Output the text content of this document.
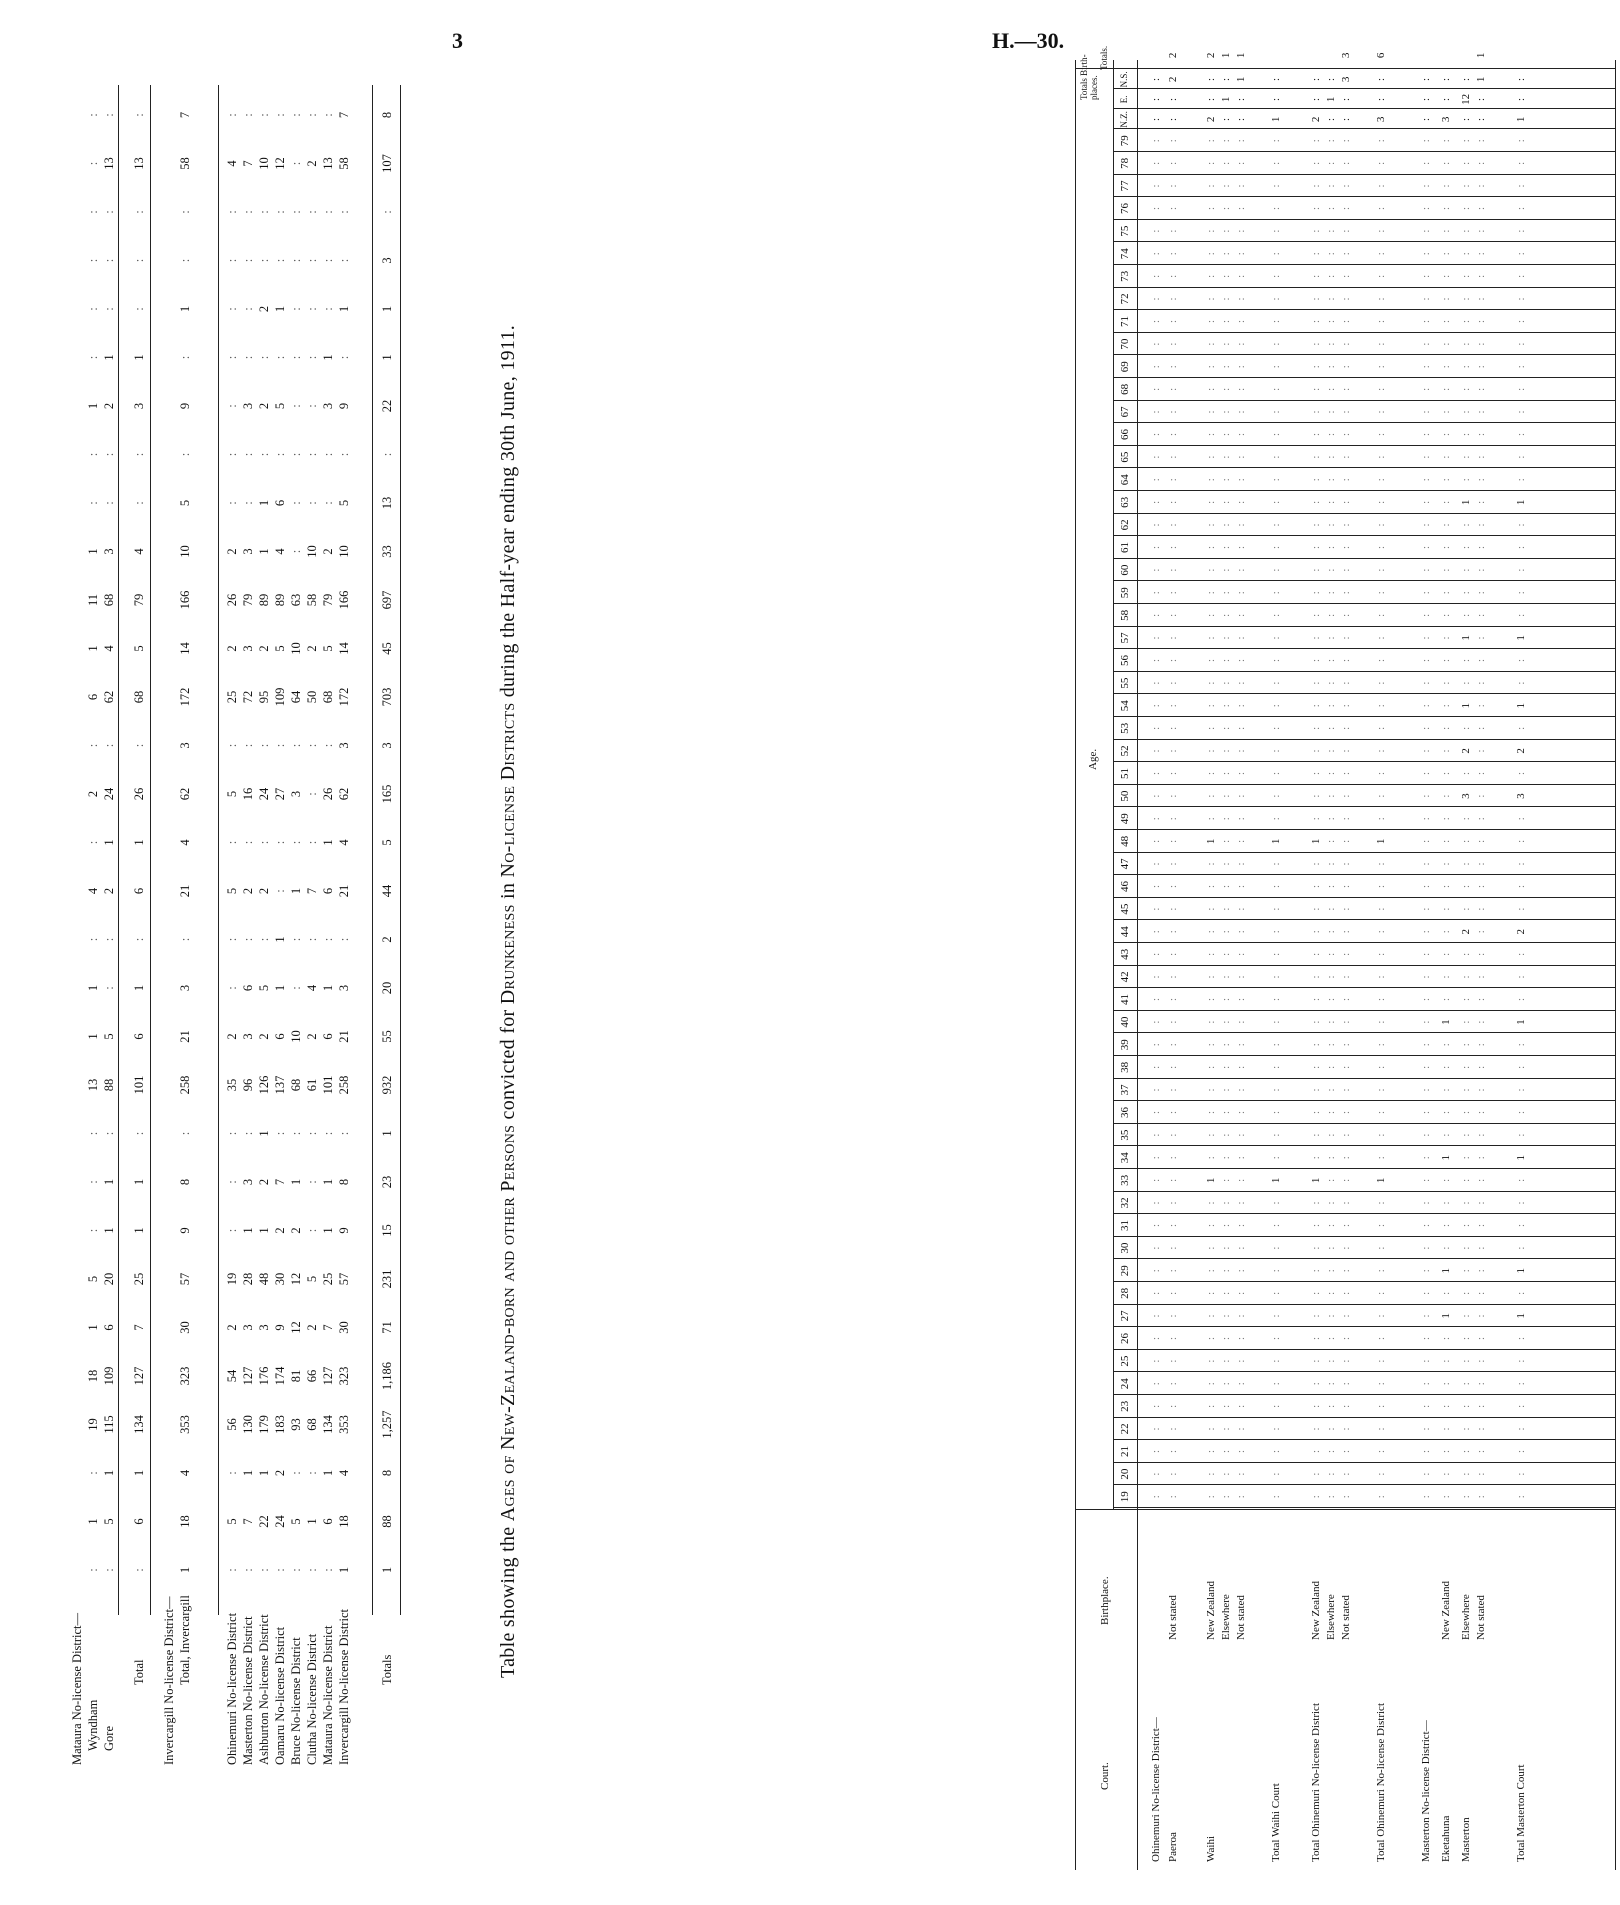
3	H.—30.
Mataura No-license District— Wyndham
:
1
:
19
18
1
5
:
:
:
13
1
1
:
4
:
2
:
6
1
11
1
:
:
1
:
:
:
:
:
:
Gore
:
5
1
115
109
6
20
1
1
:
88
5
:
:
2
1
24
:
62
4
68
3
:
:
2
1
:
:
:
13
:
Total
:
6
1
134
127
7
25
1
1
:
101
6
1
:
6
1
26
:
68
5
79
4
:
:
3
1
:
:
:
13
:
Invercargill No-license District— Total, Invercargill
1
18
4
353
323
30
57
9
8
:
258
21
3
:
21
4
62
3
172
14
166
10
5
:
9
:
1
:
:
58
7
Ohinemuri No-license District
:
5
:
56
54
2
19
:
:
:
35
2
:
:
5
:
5
:
25
2
26
2
:
:
:
:
:
:
:
4
:
Masterton No-license District
:
7
1
130
127
3
28
1
3
:
96
3
6
:
2
:
16
:
72
3
79
3
:
:
3
:
:
:
:
7
:
Ashburton No-license District
:
22
1
179
176
3
48
1
2
1
126
2
5
:
2
:
24
:
95
2
89
1
1
:
2
:
2
:
:
10
:
Oamaru No-license District
:
24
2
183
174
9
30
2
7
:
137
6
1
1
:
:
27
:
109
5
89
4
6
:
5
:
1
:
:
12
:
Bruce No-license District
:
5
:
93
81
12
12
2
1
:
68
10
:
:
1
:
3
:
64
10
63
:
:
:
:
:
:
:
:
:
:
Clutha No-license District
:
1
:
68
66
2
5
:
:
:
61
2
4
:
7
:
:
:
50
2
58
10
:
:
:
:
:
:
:
2
:
Mataura No-license District
:
6
1
134
127
7
25
1
1
:
101
6
1
:
6
1
26
:
68
5
79
2
:
:
3
1
:
:
:
13
:
Invercargill No-license District
1
18
4
353
323
30
57
9
8
:
258
21
3
:
21
4
62
3
172
14
166
10
5
:
9
:
1
:
:
58
7
Totals
1
88
8
1,257
1,186
71
231
15
23
1
932
55
20
2
44
5
165
3
703
45
697
33
13
:
22
1
1
3
:
107
8
Table showing the Ages of New-Zealand-born and other Persons convicted for Drunkeness in No-license Districts during the Half-year ending 30th June, 1911.
Court.
Birthplace.
Age.
Totals Birth-places.
Totals.
19
20
21
22
23
24
25
26
27
28
29
30
31
32
33
34
35
36
37
38
39
40
41
42
43
44
45
46
47
48
49
50
51
52
53
54
55
56
57
58
59
60
61
62
63
64
65
66
67
68
69
70
71
72
73
74
75
76
77
78
79
N.Z.
E.
N.S.
Ohinemuri No-license District—
:
:
:
:
:
:
:
:
:
:
:
:
:
:
:
:
:
:
:
:
:
:
:
:
:
:
:
:
:
:
:
:
:
:
:
:
:
:
:
:
:
:
:
:
:
:
:
:
:
:
:
:
:
:
:
:
:
:
:
:
:
:
:
:
Paeroa
Not stated
:
:
:
:
:
:
:
:
:
:
:
:
:
:
:
:
:
:
:
:
:
:
:
:
:
:
:
:
:
:
:
:
:
:
:
:
:
:
:
:
:
:
:
:
:
:
:
:
:
:
:
:
:
:
:
:
:
:
:
:
:
:
:
2
2
Waihi
New Zealand
:
:
:
:
:
:
:
:
:
:
:
:
:
:
1
:
:
:
:
:
:
:
:
:
:
:
:
:
:
1
:
:
:
:
:
:
:
:
:
:
:
:
:
:
:
:
:
:
:
:
:
:
:
:
:
:
:
:
:
:
:
2
:
:
2
Elsewhere
:
:
:
:
:
:
:
:
:
:
:
:
:
:
:
:
:
:
:
:
:
:
:
:
:
:
:
:
:
:
:
:
:
:
:
:
:
:
:
:
:
:
:
:
:
:
:
:
:
:
:
:
:
:
:
:
:
:
:
:
:
:
1
:
1
Not stated
:
:
:
:
:
:
:
:
:
:
:
:
:
:
:
:
:
:
:
:
:
:
:
:
:
:
:
:
:
:
:
:
:
:
:
:
:
:
:
:
:
:
:
:
:
:
:
:
:
:
:
:
:
:
:
:
:
:
:
:
:
:
:
1
1
Total Waihi Court
:
:
:
:
:
:
:
:
:
:
:
:
:
:
1
:
:
:
:
:
:
:
:
:
:
:
:
:
:
1
:
:
:
:
:
:
:
:
:
:
:
:
:
:
:
:
:
:
:
:
:
:
:
:
:
:
:
:
:
:
:
1
:
:
Total Ohinemuri No-license District
New Zealand
:
:
:
:
:
:
:
:
:
:
:
:
:
:
1
:
:
:
:
:
:
:
:
:
:
:
:
:
:
1
:
:
:
:
:
:
:
:
:
:
:
:
:
:
:
:
:
:
:
:
:
:
:
:
:
:
:
:
:
:
:
2
:
:
Elsewhere
:
:
:
:
:
:
:
:
:
:
:
:
:
:
:
:
:
:
:
:
:
:
:
:
:
:
:
:
:
:
:
:
:
:
:
:
:
:
:
:
:
:
:
:
:
:
:
:
:
:
:
:
:
:
:
:
:
:
:
:
:
:
1
:
Not stated
:
:
:
:
:
:
:
:
:
:
:
:
:
:
:
:
:
:
:
:
:
:
:
:
:
:
:
:
:
:
:
:
:
:
:
:
:
:
:
:
:
:
:
:
:
:
:
:
:
:
:
:
:
:
:
:
:
:
:
:
:
:
:
3
3
Total Ohinemuri No-license District
:
:
:
:
:
:
:
:
:
:
:
:
:
:
1
:
:
:
:
:
:
:
:
:
:
:
:
:
:
1
:
:
:
:
:
:
:
:
:
:
:
:
:
:
:
:
:
:
:
:
:
:
:
:
:
:
:
:
:
:
:
3
:
:
6
Masterton No-license District—
:
:
:
:
:
:
:
:
:
:
:
:
:
:
:
:
:
:
:
:
:
:
:
:
:
:
:
:
:
:
:
:
:
:
:
:
:
:
:
:
:
:
:
:
:
:
:
:
:
:
:
:
:
:
:
:
:
:
:
:
:
:
:
:
Eketahuna
New Zealand
:
:
:
:
:
:
:
:
1
:
1
:
:
:
:
1
:
:
:
:
:
1
:
:
:
:
:
:
:
:
:
:
:
:
:
:
:
:
:
:
:
:
:
:
:
:
:
:
:
:
:
:
:
:
:
:
:
:
:
:
:
3
:
:
Masterton
Elsewhere
:
:
:
:
:
:
:
:
:
:
:
:
:
:
:
:
:
:
:
:
:
:
:
:
:
2
:
:
:
:
:
3
:
2
:
1
:
:
1
:
:
:
:
:
1
:
:
:
:
:
:
:
:
:
:
:
:
:
:
:
:
:
12
:
Not stated
:
:
:
:
:
:
:
:
:
:
:
:
:
:
:
:
:
:
:
:
:
:
:
:
:
:
:
:
:
:
:
:
:
:
:
:
:
:
:
:
:
:
:
:
:
:
:
:
:
:
:
:
:
:
:
:
:
:
:
:
:
:
:
1
1
Total Masterton Court
:
:
:
:
:
:
:
:
1
:
1
:
:
:
:
1
:
:
:
:
:
1
:
:
:
2
:
:
:
:
:
3
:
2
:
1
:
:
1
:
:
:
:
:
1
:
:
:
:
:
:
:
:
:
:
:
:
:
:
:
:
1
:
:
